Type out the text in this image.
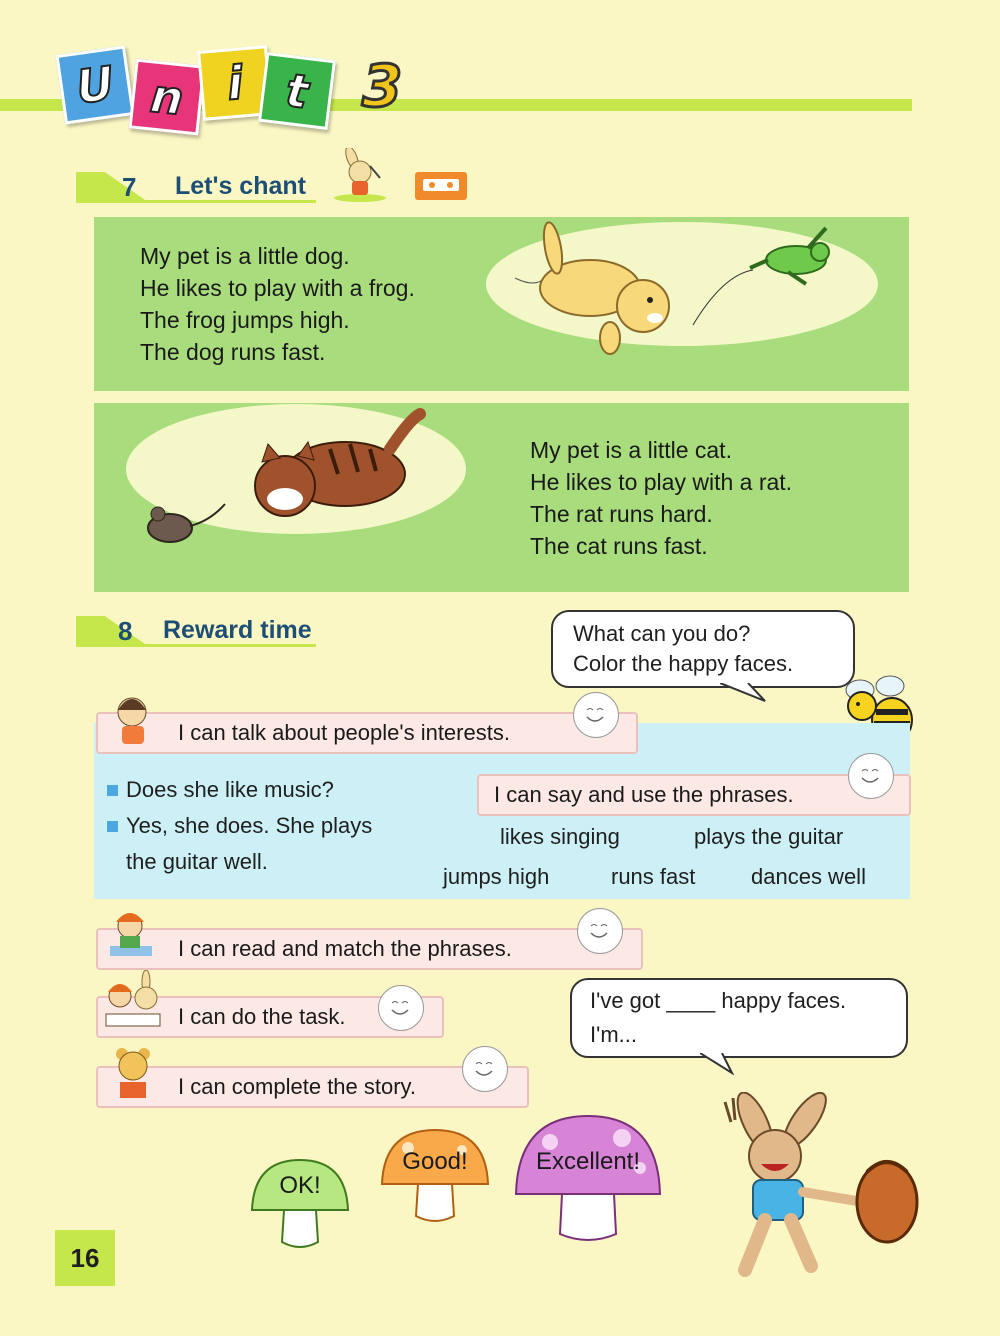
U n i t 3
7 Let's chant
My pet is a little dog.
He likes to play with a frog.
The frog jumps high.
The dog runs fast.
My pet is a little cat.
He likes to play with a rat.
The rat runs hard.
The cat runs fast.
8 Reward time	What can you do?
Color the happy faces.
I can talk about people's interests.
Does she like music?
Yes, she does. She plays
the guitar well.
I can say and use the phrases.
likes singing	plays the guitar
jumps high	runs fast	dances well
I can read and match the phrases.
I can do the task.
I can complete the story.
I've got ____ happy faces.
I'm...
OK!
Good!	Excellent!
16
